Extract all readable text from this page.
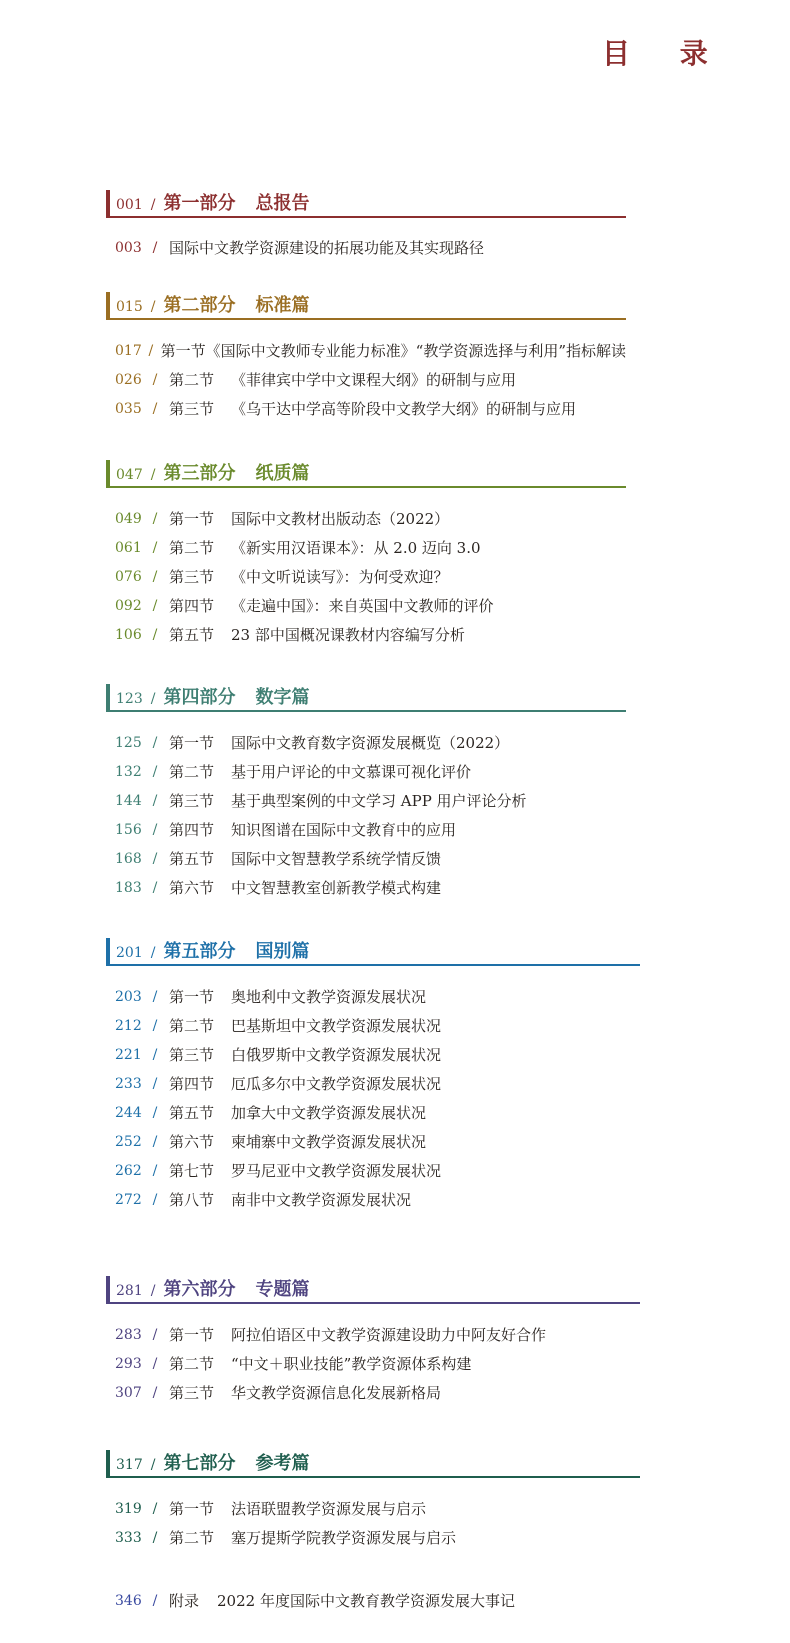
目 录
001 / 第一部分 总报告
003 / 国际中文教学资源建设的拓展功能及其实现路径
015 / 第二部分 标准篇
017 / 第一节 《国际中文教师专业能力标准》“教学资源选择与利用”指标解读
026 / 第二节	《菲律宾中学中文课程大纲》的研制与应用
035 / 第三节	《乌干达中学高等阶段中文教学大纲》的研制与应用
047 / 第三部分 纸质篇
049 / 第一节	国际中文教材出版动态（2022）
061 / 第二节	《新实用汉语课本》：从 2.0 迈向 3.0
076 / 第三节	《中文听说读写》：为何受欢迎？
092 / 第四节	《走遍中国》：来自英国中文教师的评价
106 / 第五节	23 部中国概况课教材内容编写分析
123 / 第四部分 数字篇
125 / 第一节	国际中文教育数字资源发展概览（2022）
132 / 第二节	基于用户评论的中文慕课可视化评价
144 / 第三节	基于典型案例的中文学习 APP 用户评论分析
156 / 第四节	知识图谱在国际中文教育中的应用
168 / 第五节	国际中文智慧教学系统学情反馈
183 / 第六节	中文智慧教室创新教学模式构建
201 / 第五部分 国别篇
203 / 第一节	奥地利中文教学资源发展状况
212 / 第二节	巴基斯坦中文教学资源发展状况
221 / 第三节	白俄罗斯中文教学资源发展状况
233 / 第四节	厄瓜多尔中文教学资源发展状况
244 / 第五节	加拿大中文教学资源发展状况
252 / 第六节	柬埔寨中文教学资源发展状况
262 / 第七节	罗马尼亚中文教学资源发展状况
272 / 第八节	南非中文教学资源发展状况
281 / 第六部分 专题篇
283 / 第一节	阿拉伯语区中文教学资源建设助力中阿友好合作
293 / 第二节	“中文＋职业技能”教学资源体系构建
307 / 第三节	华文教学资源信息化发展新格局
317 / 第七部分 参考篇
319 / 第一节	法语联盟教学资源发展与启示
333 / 第二节	塞万提斯学院教学资源发展与启示
346 / 附录	2022 年度国际中文教育教学资源发展大事记
